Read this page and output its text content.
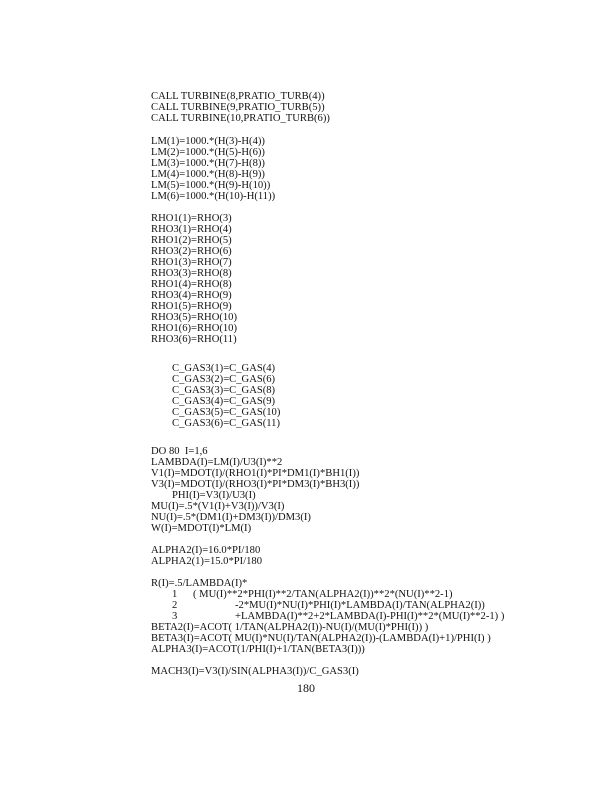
CALL TURBINE(8,PRATIO_TURB(4))
CALL TURBINE(9,PRATIO_TURB(5))
CALL TURBINE(10,PRATIO_TURB(6))
LM(1)=1000.*(H(3)-H(4))
LM(2)=1000.*(H(5)-H(6))
LM(3)=1000.*(H(7)-H(8))
LM(4)=1000.*(H(8)-H(9))
LM(5)=1000.*(H(9)-H(10))
LM(6)=1000.*(H(10)-H(11))
RHO1(1)=RHO(3)
RHO3(1)=RHO(4)
RHO1(2)=RHO(5)
RHO3(2)=RHO(6)
RHO1(3)=RHO(7)
RHO3(3)=RHO(8)
RHO1(4)=RHO(8)
RHO3(4)=RHO(9)
RHO1(5)=RHO(9)
RHO3(5)=RHO(10)
RHO1(6)=RHO(10)
RHO3(6)=RHO(11)
C_GAS3(1)=C_GAS(4)
C_GAS3(2)=C_GAS(6)
C_GAS3(3)=C_GAS(8)
C_GAS3(4)=C_GAS(9)
C_GAS3(5)=C_GAS(10)
C_GAS3(6)=C_GAS(11)
DO 80  I=1,6
LAMBDA(I)=LM(I)/U3(I)**2
V1(I)=MDOT(I)/(RHO1(I)*PI*DM1(I)*BH1(I))
V3(I)=MDOT(I)/(RHO3(I)*PI*DM3(I)*BH3(I))
PHI(I)=V3(I)/U3(I)
MU(I)=.5*(V1(I)+V3(I))/V3(I)
NU(I)=.5*(DM1(I)+DM3(I))/DM3(I)
W(I)=MDOT(I)*LM(I)
ALPHA2(I)=16.0*PI/180
ALPHA2(1)=15.0*PI/180
R(I)=.5/LAMBDA(I)*
1 ( MU(I)**2*PHI(I)**2/TAN(ALPHA2(I))**2*(NU(I)**2-1)
2	-2*MU(I)*NU(I)*PHI(I)*LAMBDA(I)/TAN(ALPHA2(I))
3	+LAMBDA(I)**2+2*LAMBDA(I)-PHI(I)**2*(MU(I)**2-1) )
BETA2(I)=ACOT( 1/TAN(ALPHA2(I))-NU(I)/(MU(I)*PHI(I)) )
BETA3(I)=ACOT( MU(I)*NU(I)/TAN(ALPHA2(I))-(LAMBDA(I)+1)/PHI(I) )
ALPHA3(I)=ACOT(1/PHI(I)+1/TAN(BETA3(I)))
MACH3(I)=V3(I)/SIN(ALPHA3(I))/C_GAS3(I)
180
